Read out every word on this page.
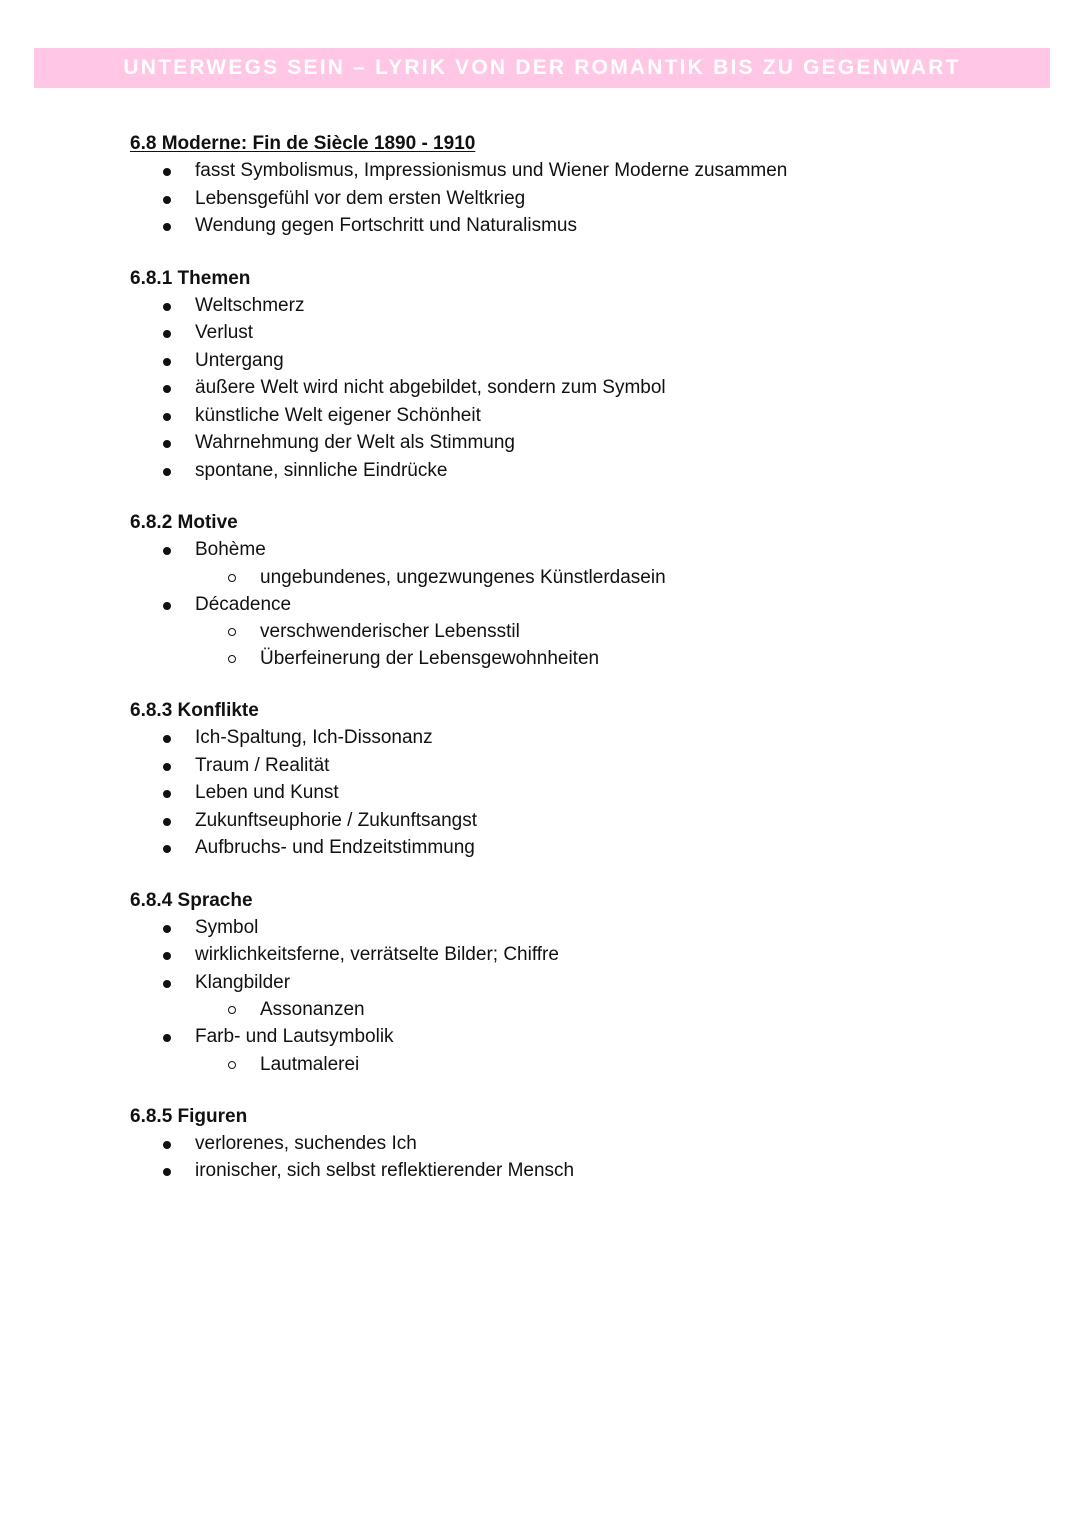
UNTERWEGS SEIN – LYRIK VON DER ROMANTIK BIS ZU GEGENWART
6.8 Moderne: Fin de Siècle 1890 - 1910
fasst Symbolismus, Impressionismus und Wiener Moderne zusammen
Lebensgefühl vor dem ersten Weltkrieg
Wendung gegen Fortschritt und Naturalismus
6.8.1 Themen
Weltschmerz
Verlust
Untergang
äußere Welt wird nicht abgebildet, sondern zum Symbol
künstliche Welt eigener Schönheit
Wahrnehmung der Welt als Stimmung
spontane, sinnliche Eindrücke
6.8.2 Motive
Bohème
ungebundenes, ungezwungenes Künstlerdasein
Décadence
verschwenderischer Lebensstil
Überfeinerung der Lebensgewohnheiten
6.8.3 Konflikte
Ich-Spaltung, Ich-Dissonanz
Traum / Realität
Leben und Kunst
Zukunftseuphorie / Zukunftsangst
Aufbruchs- und Endzeitstimmung
6.8.4 Sprache
Symbol
wirklichkeitsferne, verrätselte Bilder; Chiffre
Klangbilder
Assonanzen
Farb- und Lautsymbolik
Lautmalerei
6.8.5 Figuren
verlorenes, suchendes Ich
ironischer, sich selbst reflektierender Mensch
